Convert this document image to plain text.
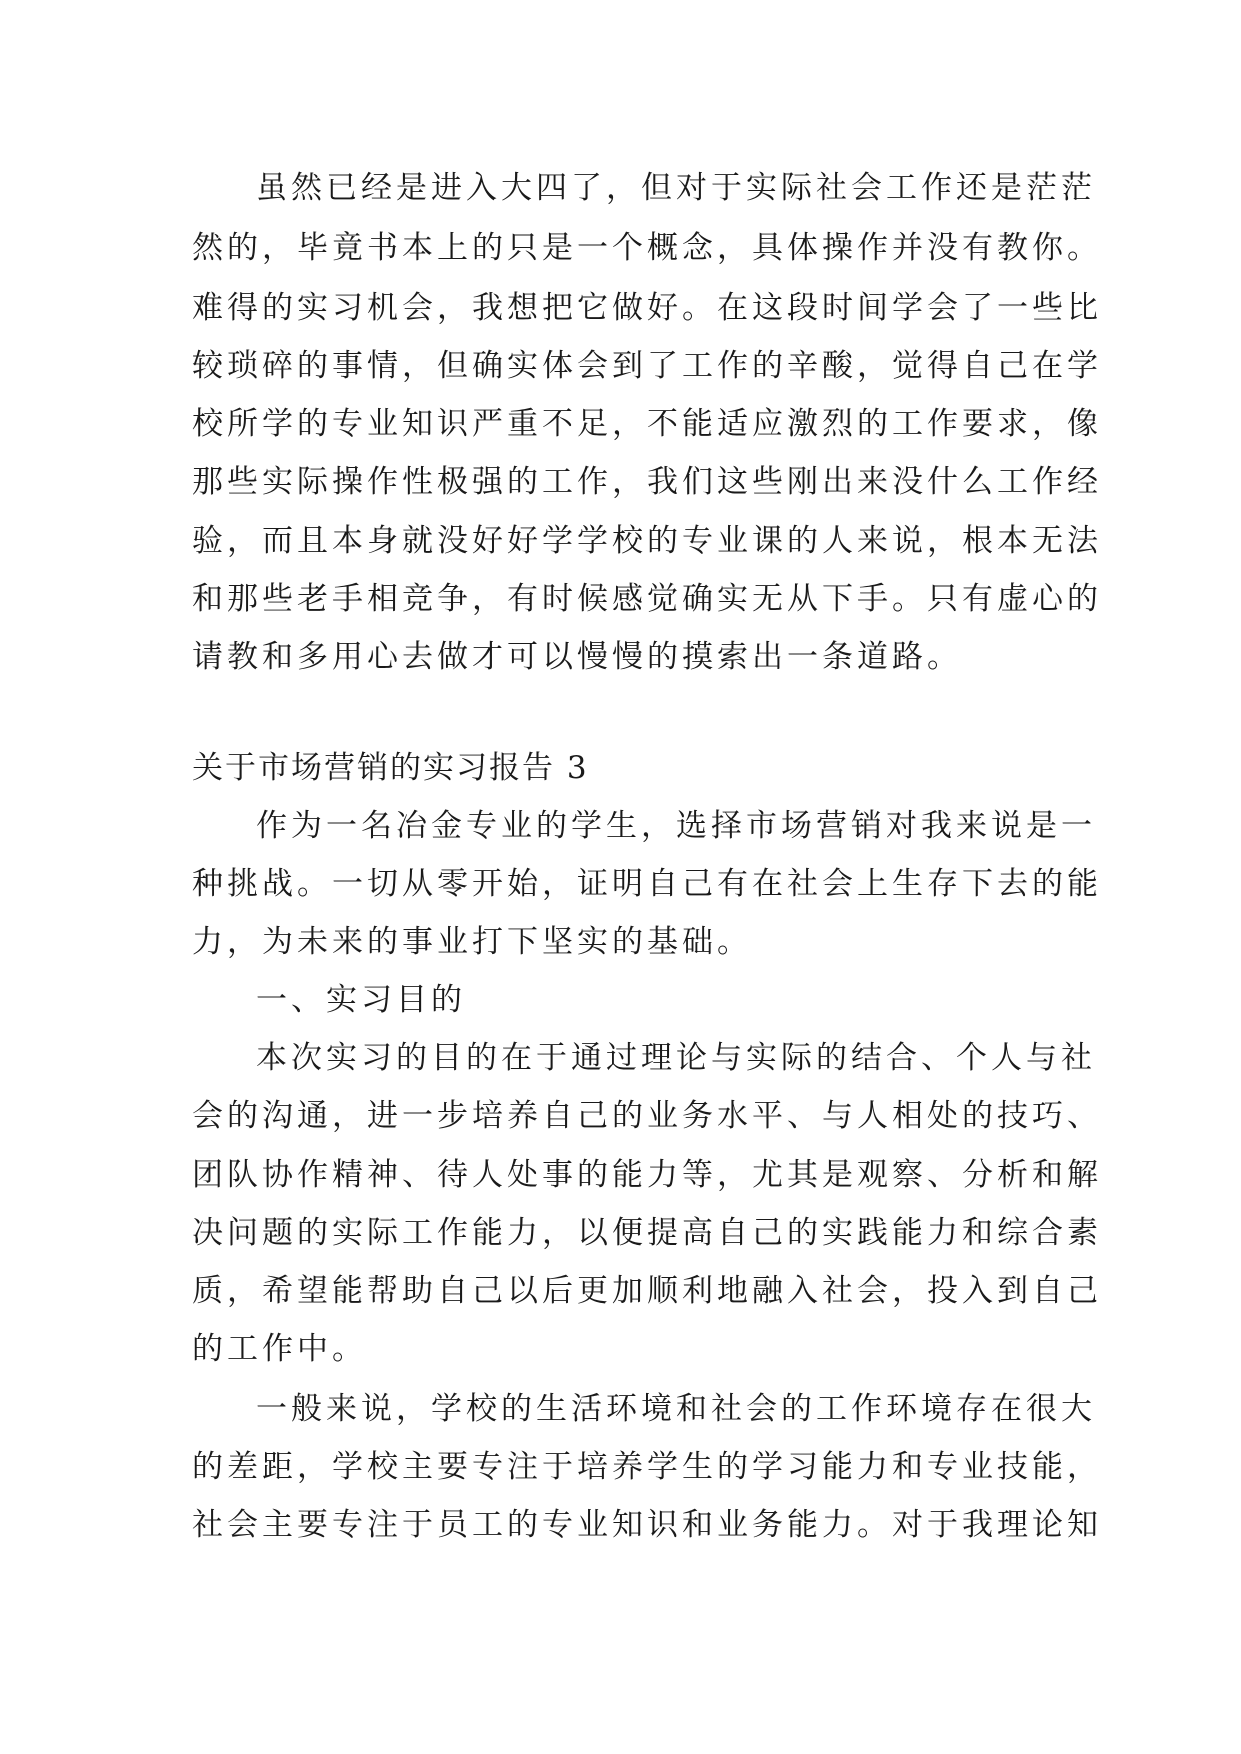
虽然已经是进入大四了，但对于实际社会工作还是茫茫
然的，毕竟书本上的只是一个概念，具体操作并没有教你。
难得的实习机会，我想把它做好。在这段时间学会了一些比
较琐碎的事情，但确实体会到了工作的辛酸，觉得自己在学
校所学的专业知识严重不足，不能适应激烈的工作要求，像
那些实际操作性极强的工作，我们这些刚出来没什么工作经
验，而且本身就没好好学学校的专业课的人来说，根本无法
和那些老手相竞争，有时候感觉确实无从下手。只有虚心的
请教和多用心去做才可以慢慢的摸索出一条道路。
关于市场营销的实习报告 3
作为一名冶金专业的学生，选择市场营销对我来说是一
种挑战。一切从零开始，证明自己有在社会上生存下去的能
力，为未来的事业打下坚实的基础。
一、实习目的
本次实习的目的在于通过理论与实际的结合、个人与社
会的沟通，进一步培养自己的业务水平、与人相处的技巧、
团队协作精神、待人处事的能力等，尤其是观察、分析和解
决问题的实际工作能力，以便提高自己的实践能力和综合素
质，希望能帮助自己以后更加顺利地融入社会，投入到自己
的工作中。
一般来说，学校的生活环境和社会的工作环境存在很大
的差距，学校主要专注于培养学生的学习能力和专业技能，
社会主要专注于员工的专业知识和业务能力。对于我理论知
